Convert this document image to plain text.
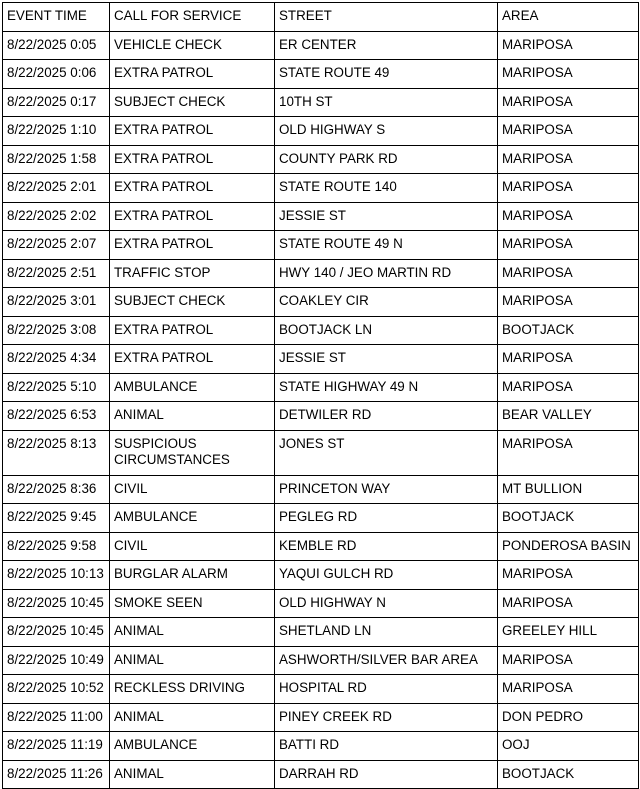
EVENT TIME	CALL FOR SERVICE	STREET	AREA
8/22/2025 0:05	VEHICLE CHECK	ER CENTER	MARIPOSA
8/22/2025 0:06	EXTRA PATROL	STATE ROUTE 49	MARIPOSA
8/22/2025 0:17	SUBJECT CHECK	10TH ST	MARIPOSA
8/22/2025 1:10	EXTRA PATROL	OLD HIGHWAY S	MARIPOSA
8/22/2025 1:58	EXTRA PATROL	COUNTY PARK RD	MARIPOSA
8/22/2025 2:01	EXTRA PATROL	STATE ROUTE 140	MARIPOSA
8/22/2025 2:02	EXTRA PATROL	JESSIE ST	MARIPOSA
8/22/2025 2:07	EXTRA PATROL	STATE ROUTE 49 N	MARIPOSA
8/22/2025 2:51	TRAFFIC STOP	HWY 140 / JEO MARTIN RD	MARIPOSA
8/22/2025 3:01	SUBJECT CHECK	COAKLEY CIR	MARIPOSA
8/22/2025 3:08	EXTRA PATROL	BOOTJACK LN	BOOTJACK
8/22/2025 4:34	EXTRA PATROL	JESSIE ST	MARIPOSA
8/22/2025 5:10	AMBULANCE	STATE HIGHWAY 49 N	MARIPOSA
8/22/2025 6:53	ANIMAL	DETWILER RD	BEAR VALLEY
8/22/2025 8:13	SUSPICIOUS CIRCUMSTANCES	JONES ST	MARIPOSA
8/22/2025 8:36	CIVIL	PRINCETON WAY	MT BULLION
8/22/2025 9:45	AMBULANCE	PEGLEG RD	BOOTJACK
8/22/2025 9:58	CIVIL	KEMBLE RD	PONDEROSA BASIN
8/22/2025 10:13	BURGLAR ALARM	YAQUI GULCH RD	MARIPOSA
8/22/2025 10:45	SMOKE SEEN	OLD HIGHWAY N	MARIPOSA
8/22/2025 10:45	ANIMAL	SHETLAND LN	GREELEY HILL
8/22/2025 10:49	ANIMAL	ASHWORTH/SILVER BAR AREA	MARIPOSA
8/22/2025 10:52	RECKLESS DRIVING	HOSPITAL RD	MARIPOSA
8/22/2025 11:00	ANIMAL	PINEY CREEK RD	DON PEDRO
8/22/2025 11:19	AMBULANCE	BATTI RD	OOJ
8/22/2025 11:26	ANIMAL	DARRAH RD	BOOTJACK
